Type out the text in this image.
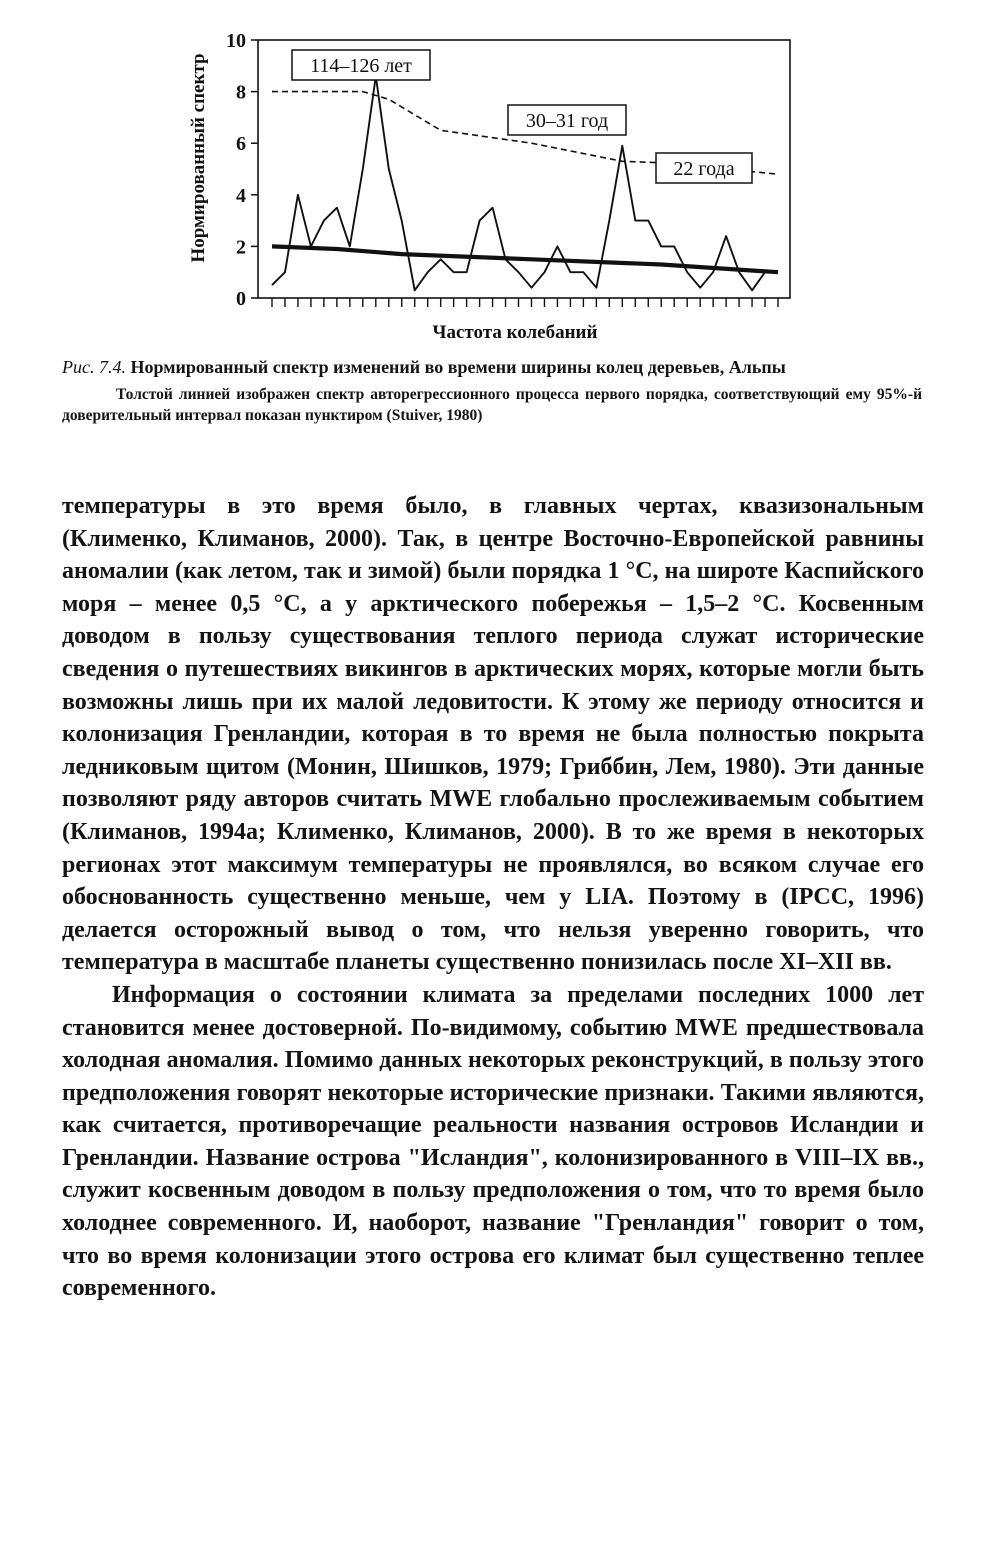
Нормированный спектр
Частота колебаний
0
2
4
6
8
10
114–126 лет
30–31 год
22 года

Рис. 7.4. Нормированный спектр изменений во времени ширины колец деревьев, Альпы

Толстой линией изображен спектр авторегрессионного процесса первого порядка, соответствующий ему 95%-й доверительный интервал показан пунктиром (Stuiver, 1980)

температуры в это время было, в главных чертах, квазизональным (Клименко, Климанов, 2000). Так, в центре Восточно-Европейской равнины аномалии (как летом, так и зимой) были порядка 1 °С, на широте Каспийского моря – менее 0,5 °С, а у арктического побережья – 1,5–2 °С. Косвенным доводом в пользу существования теплого периода служат исторические сведения о путешествиях викингов в арктических морях, которые могли быть возможны лишь при их малой ледовитости. К этому же периоду относится и колонизация Гренландии, которая в то время не была полностью покрыта ледниковым щитом (Монин, Шишков, 1979; Гриббин, Лем, 1980). Эти данные позволяют ряду авторов считать MWE глобально прослеживаемым событием (Климанов, 1994а; Клименко, Климанов, 2000). В то же время в некоторых регионах этот максимум температуры не проявлялся, во всяком случае его обоснованность существенно меньше, чем у LIA. Поэтому в (IPCC, 1996) делается осторожный вывод о том, что нельзя уверенно говорить, что температура в масштабе планеты существенно понизилась после XI–XII вв.

Информация о состоянии климата за пределами последних 1000 лет становится менее достоверной. По-видимому, событию MWE предшествовала холодная аномалия. Помимо данных некоторых реконструкций, в пользу этого предположения говорят некоторые исторические признаки. Такими являются, как считается, противоречащие реальности названия островов Исландии и Гренландии. Название острова "Исландия", колонизированного в VIII–IX вв., служит косвенным доводом в пользу предположения о том, что то время было холоднее современного. И, наоборот, название "Гренландия" говорит о том, что во время колонизации этого острова его климат был существенно теплее современного.
